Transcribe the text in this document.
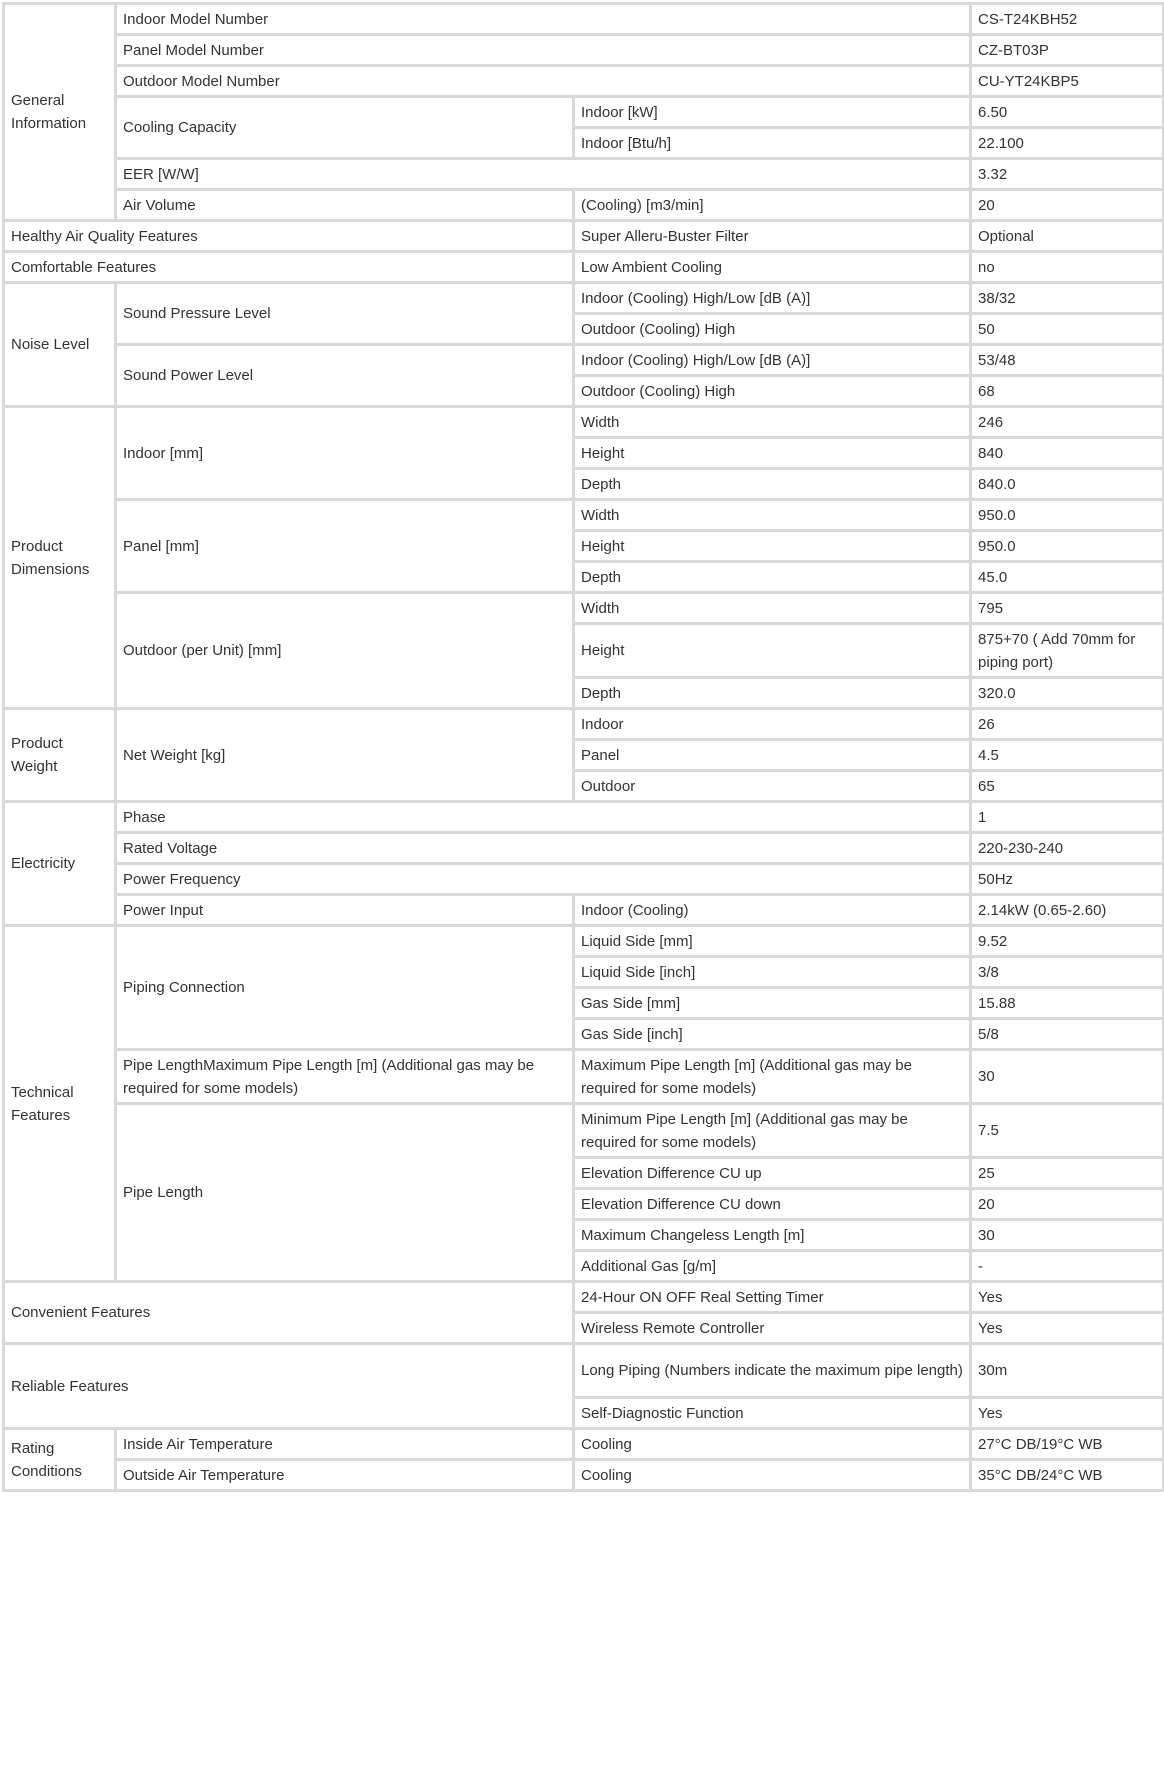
General Information	Indoor Model Number		CS-T24KBH52
	Panel Model Number		CZ-BT03P
	Outdoor Model Number		CU-YT24KBP5
	Cooling Capacity	Indoor [kW]	6.50
		Indoor [Btu/h]	22.100
	EER [W/W]		3.32
	Air Volume	(Cooling) [m3/min]	20
Healthy Air Quality Features		Super Alleru-Buster Filter	Optional
Comfortable Features		Low Ambient Cooling	no
Noise Level	Sound Pressure Level	Indoor (Cooling) High/Low [dB (A)]	38/32
		Outdoor (Cooling) High	50
	Sound Power Level	Indoor (Cooling) High/Low [dB (A)]	53/48
		Outdoor (Cooling) High	68
Product Dimensions	Indoor [mm]	Width	246
		Height	840
		Depth	840.0
	Panel [mm]	Width	950.0
		Height	950.0
		Depth	45.0
	Outdoor (per Unit) [mm]	Width	795
		Height	875+70 ( Add 70mm for piping port)
		Depth	320.0
Product Weight	Net Weight [kg]	Indoor	26
		Panel	4.5
		Outdoor	65
Electricity	Phase		1
	Rated Voltage		220-230-240
	Power Frequency		50Hz
	Power Input	Indoor (Cooling)	2.14kW (0.65-2.60)
Technical Features	Piping Connection	Liquid Side [mm]	9.52
		Liquid Side [inch]	3/8
		Gas Side [mm]	15.88
		Gas Side [inch]	5/8
	Pipe LengthMaximum Pipe Length [m] (Additional gas may be required for some models)	Maximum Pipe Length [m] (Additional gas may be required for some models)	30
	Pipe Length	Minimum Pipe Length [m] (Additional gas may be required for some models)	7.5
		Elevation Difference CU up	25
		Elevation Difference CU down	20
		Maximum Changeless Length [m]	30
		Additional Gas [g/m]	-
Convenient Features		24-Hour ON OFF Real Setting Timer	Yes
		Wireless Remote Controller	Yes
Reliable Features		Long Piping (Numbers indicate the maximum pipe length)	30m
		Self-Diagnostic Function	Yes
Rating Conditions	Inside Air Temperature	Cooling	27°C DB/19°C WB
	Outside Air Temperature	Cooling	35°C DB/24°C WB
